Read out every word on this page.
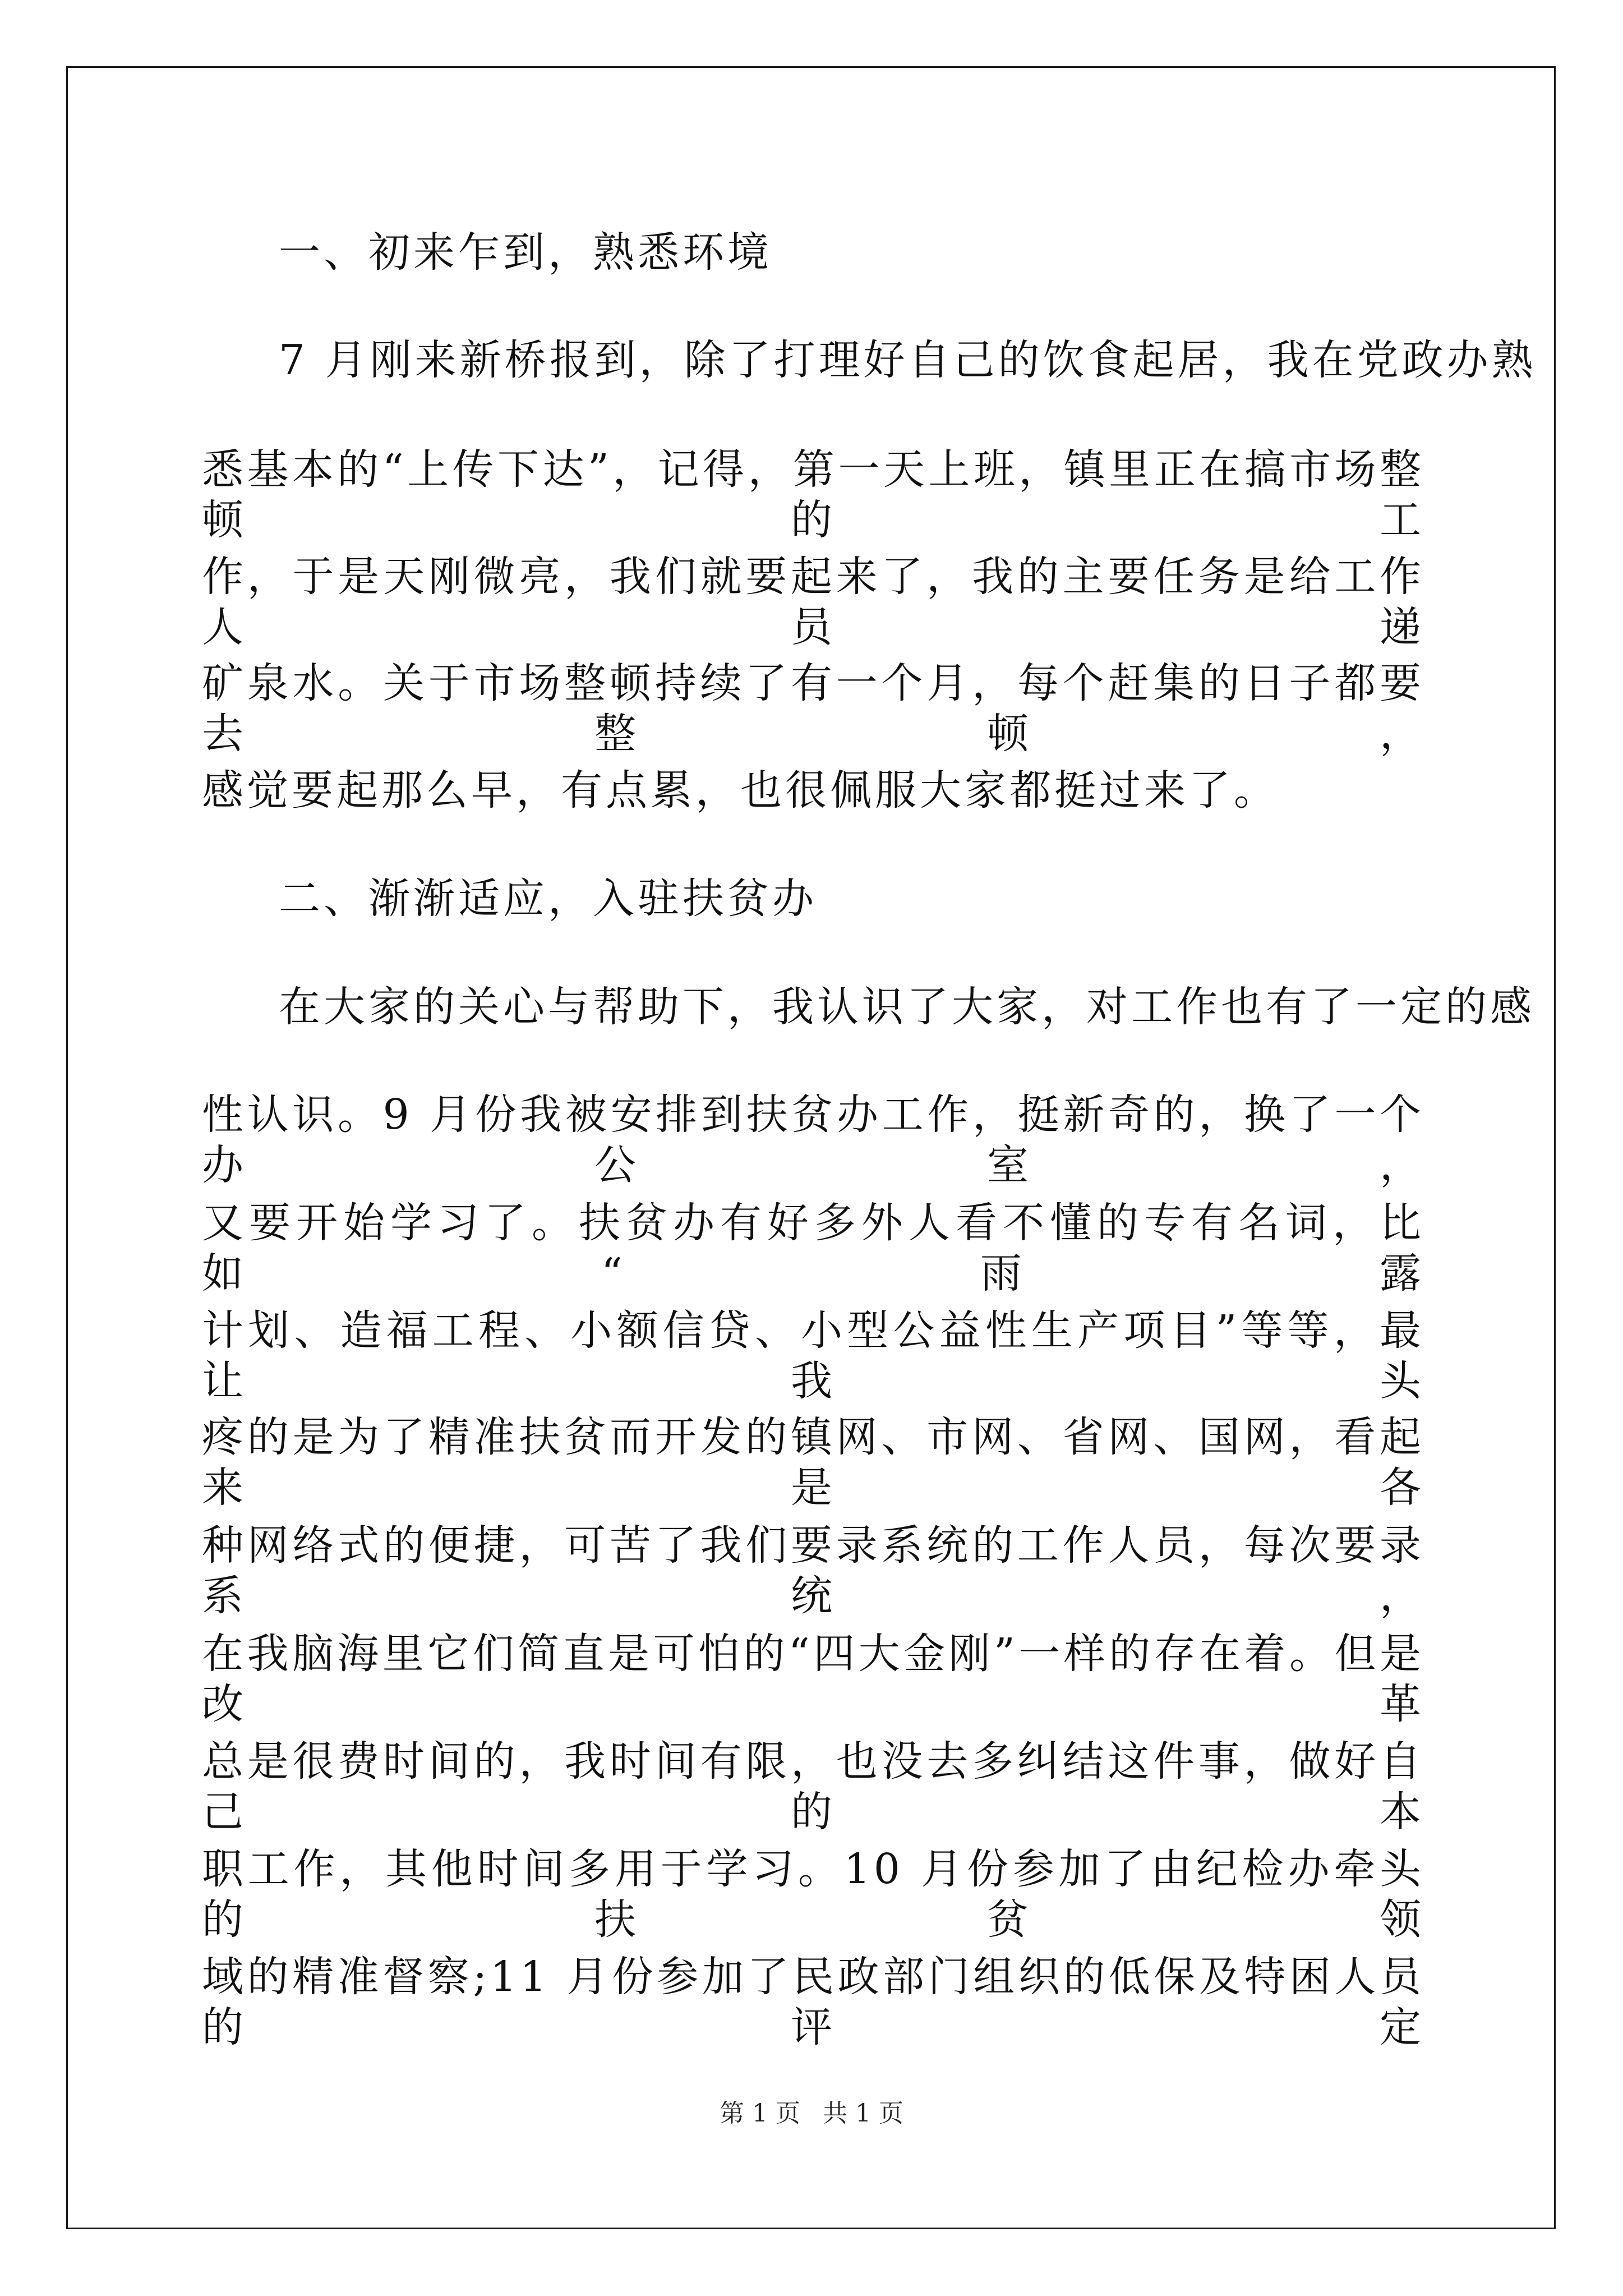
一、初来乍到，熟悉环境
7 月刚来新桥报到，除了打理好自己的饮食起居，我在党政办熟
悉基本的“上传下达”，记得，第一天上班，镇里正在搞市场整顿的工
作，于是天刚微亮，我们就要起来了，我的主要任务是给工作人员递
矿泉水。关于市场整顿持续了有一个月，每个赶集的日子都要去整顿，
感觉要起那么早，有点累，也很佩服大家都挺过来了。
二、渐渐适应，入驻扶贫办
在大家的关心与帮助下，我认识了大家，对工作也有了一定的感
性认识。9 月份我被安排到扶贫办工作，挺新奇的，换了一个办公室，
又要开始学习了。扶贫办有好多外人看不懂的专有名词，比如“雨露
计划、造福工程、小额信贷、小型公益性生产项目”等等，最让我头
疼的是为了精准扶贫而开发的镇网、市网、省网、国网，看起来是各
种网络式的便捷，可苦了我们要录系统的工作人员，每次要录系统，
在我脑海里它们简直是可怕的“四大金刚”一样的存在着。但是改革
总是很费时间的，我时间有限，也没去多纠结这件事，做好自己的本
职工作，其他时间多用于学习。10 月份参加了由纪检办牵头的扶贫领
域的精准督察;11 月份参加了民政部门组织的低保及特困人员的评定
第 1 页 共 1 页
